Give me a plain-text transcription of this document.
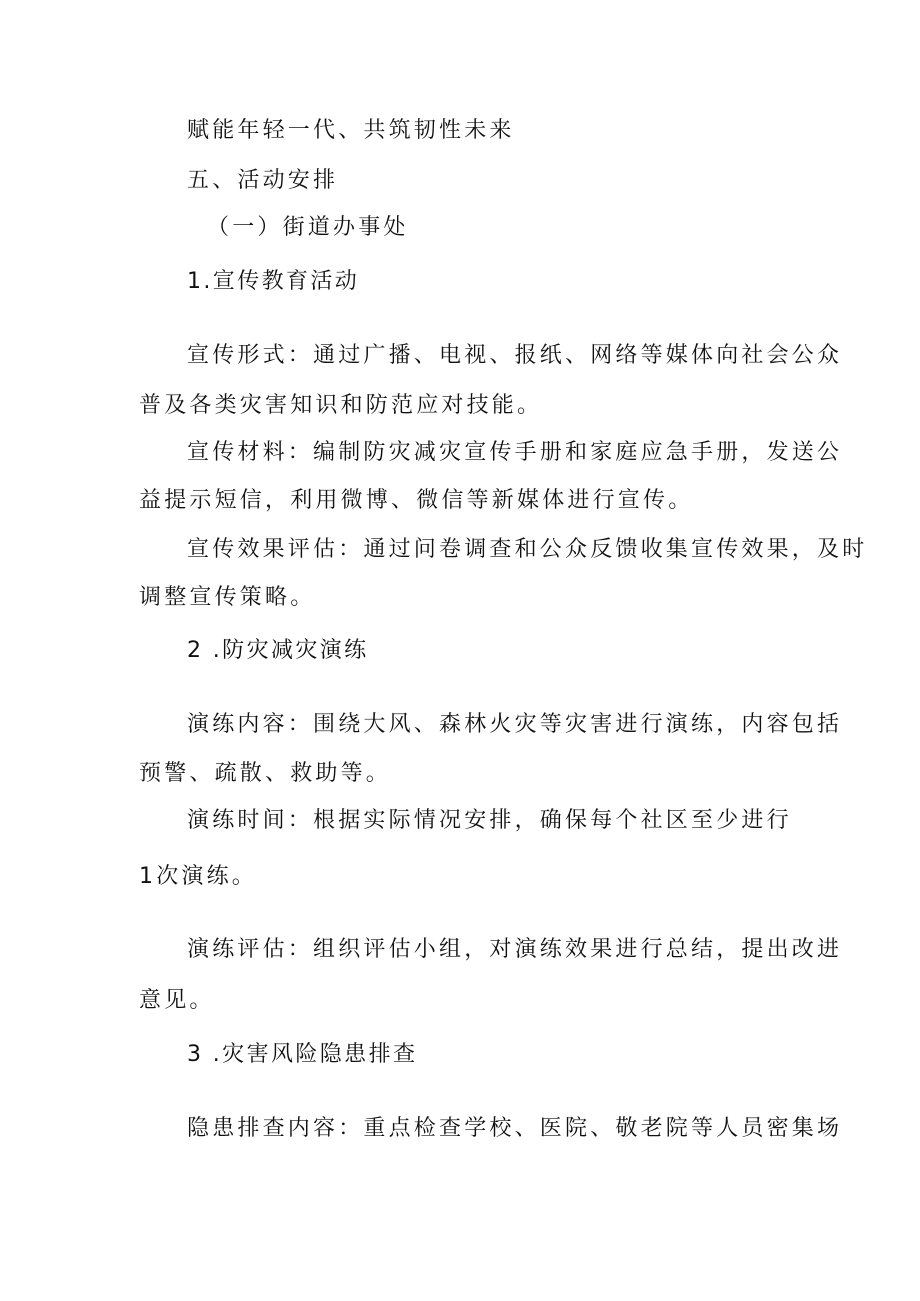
赋能年轻一代、共筑韧性未来
五、活动安排
（一）街道办事处
1.宣传教育活动
宣传形式：通过广播、电视、报纸、网络等媒体向社会公众
普及各类灾害知识和防范应对技能。
宣传材料：编制防灾减灾宣传手册和家庭应急手册，发送公
益提示短信，利用微博、微信等新媒体进行宣传。
宣传效果评估：通过问卷调查和公众反馈收集宣传效果，及时
调整宣传策略。
2 .防灾减灾演练
演练内容：围绕大风、森林火灾等灾害进行演练，内容包括
预警、疏散、救助等。
演练时间：根据实际情况安排，确保每个社区至少进行
1次演练。
演练评估：组织评估小组，对演练效果进行总结，提出改进
意见。
3 .灾害风险隐患排查
隐患排查内容：重点检查学校、医院、敬老院等人员密集场
